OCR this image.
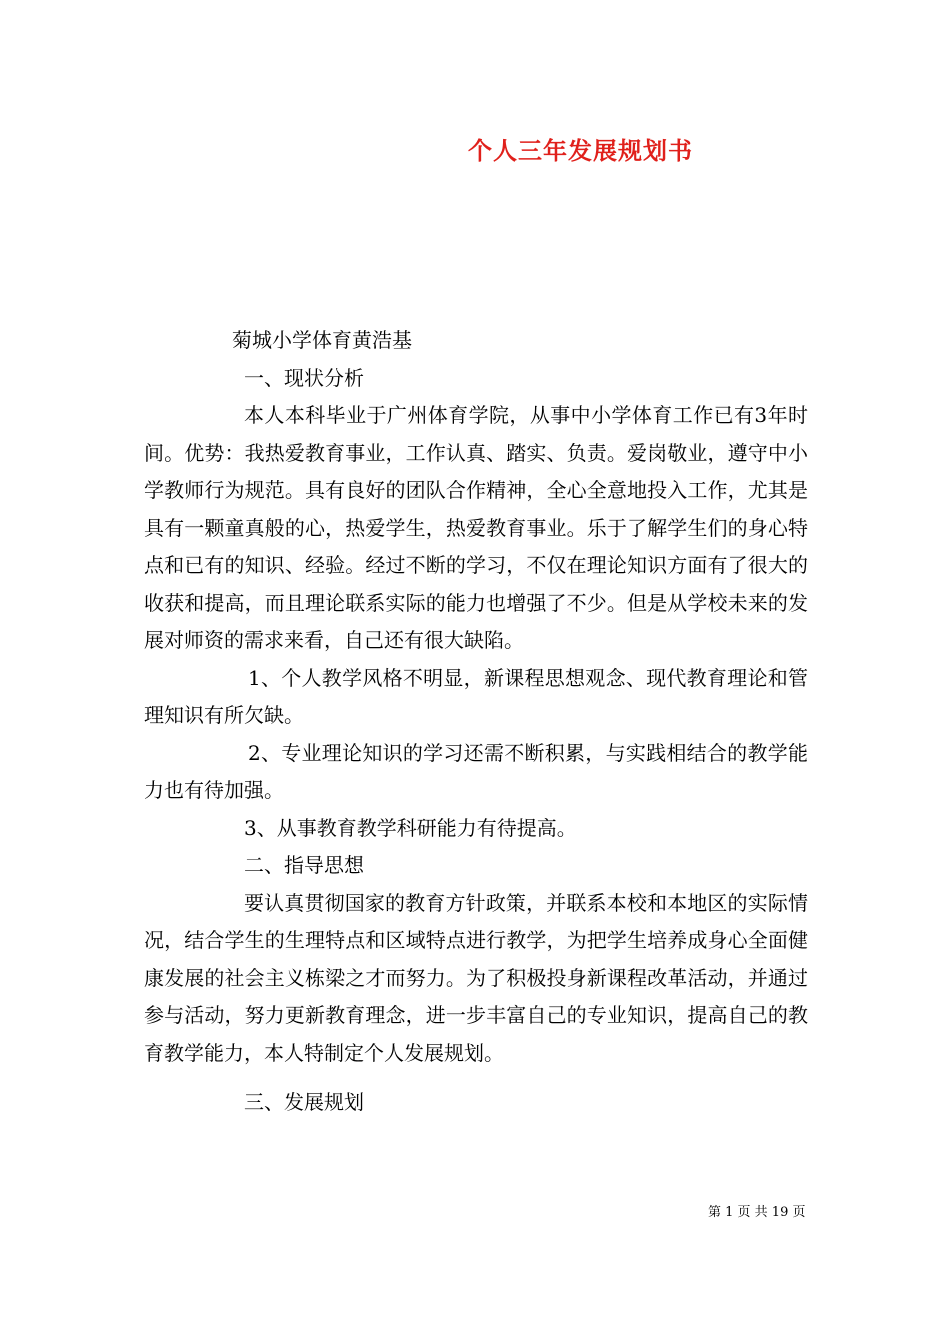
个人三年发展规划书

菊城小学体育黄浩基

一、现状分析

本人本科毕业于广州体育学院，从事中小学体育工作已有3年时间。优势：我热爱教育事业，工作认真、踏实、负责。爱岗敬业，遵守中小学教师行为规范。具有良好的团队合作精神，全心全意地投入工作，尤其是具有一颗童真般的心，热爱学生，热爱教育事业。乐于了解学生们的身心特点和已有的知识、经验。经过不断的学习，不仅在理论知识方面有了很大的收获和提高，而且理论联系实际的能力也增强了不少。但是从学校未来的发展对师资的需求来看，自己还有很大缺陷。

1、个人教学风格不明显，新课程思想观念、现代教育理论和管理知识有所欠缺。

2、专业理论知识的学习还需不断积累，与实践相结合的教学能力也有待加强。

3、从事教育教学科研能力有待提高。

二、指导思想

要认真贯彻国家的教育方针政策，并联系本校和本地区的实际情况，结合学生的生理特点和区域特点进行教学，为把学生培养成身心全面健康发展的社会主义栋梁之才而努力。为了积极投身新课程改革活动，并通过参与活动，努力更新教育理念，进一步丰富自己的专业知识，提高自己的教育教学能力，本人特制定个人发展规划。

三、发展规划

第 1 页 共 19 页
